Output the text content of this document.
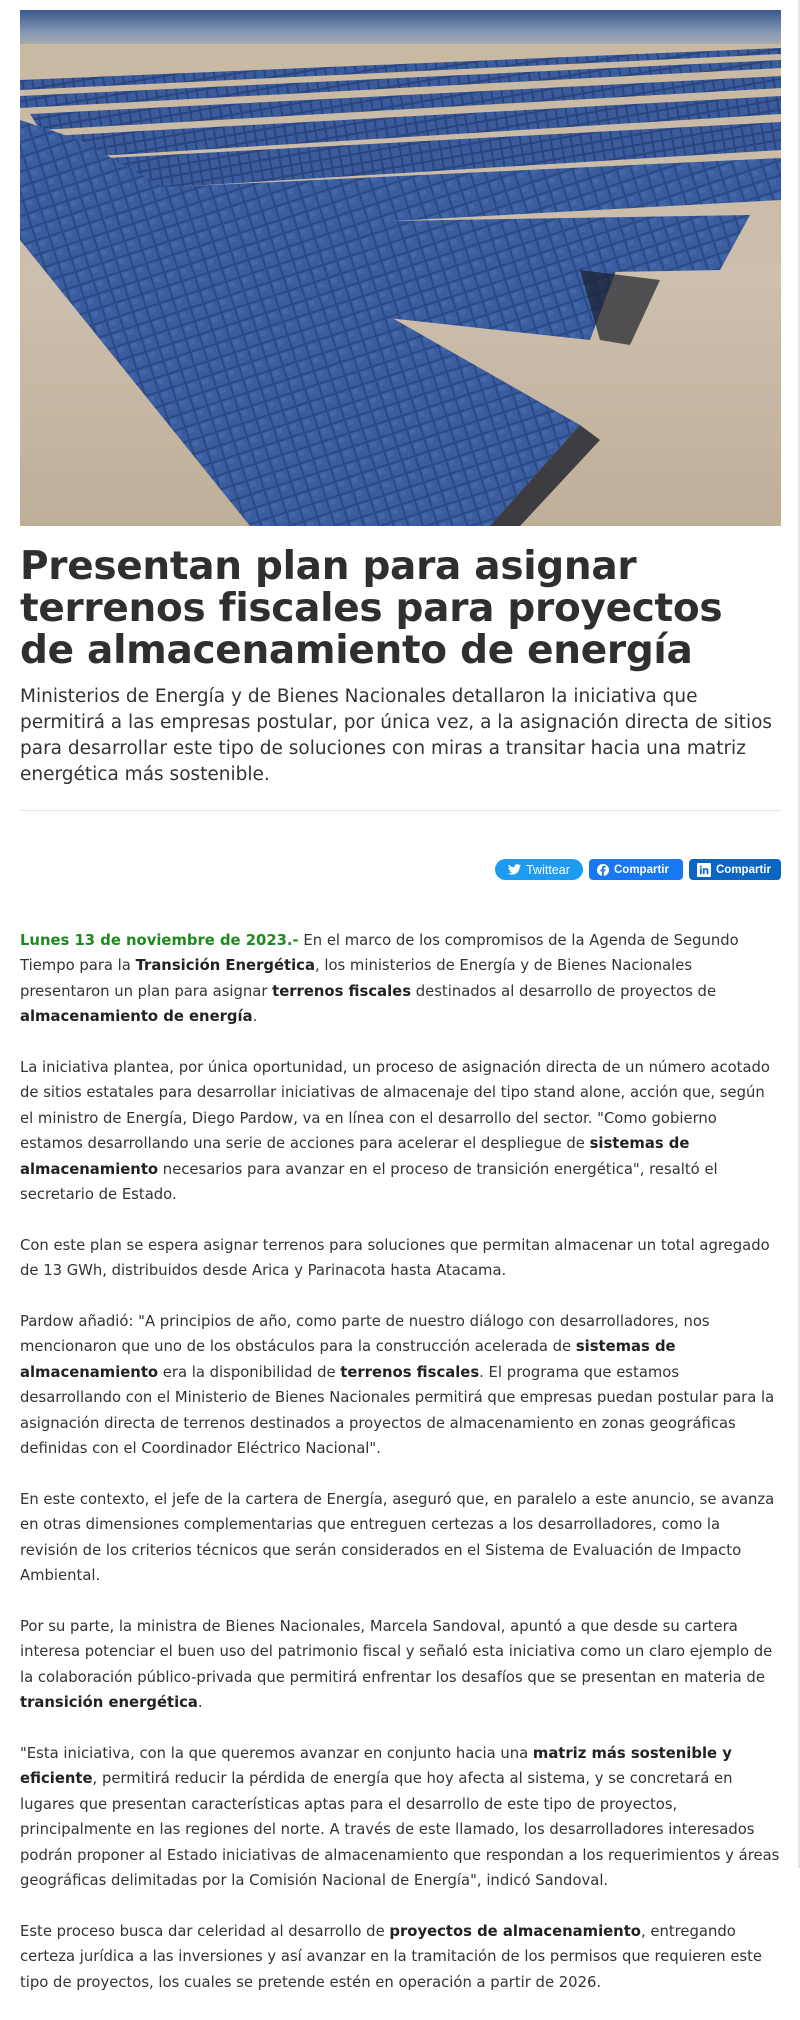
Presentan plan para asignar terrenos fiscales para proyectos de almacenamiento de energía

Ministerios de Energía y de Bienes Nacionales detallaron la iniciativa que permitirá a las empresas postular, por única vez, a la asignación directa de sitios para desarrollar este tipo de soluciones con miras a transitar hacia una matriz energética más sostenible.

Twittear	Compartir	Compartir

Lunes 13 de noviembre de 2023.- En el marco de los compromisos de la Agenda de Segundo Tiempo para la Transición Energética, los ministerios de Energía y de Bienes Nacionales presentaron un plan para asignar terrenos fiscales destinados al desarrollo de proyectos de almacenamiento de energía.

La iniciativa plantea, por única oportunidad, un proceso de asignación directa de un número acotado de sitios estatales para desarrollar iniciativas de almacenaje del tipo stand alone, acción que, según el ministro de Energía, Diego Pardow, va en línea con el desarrollo del sector. "Como gobierno estamos desarrollando una serie de acciones para acelerar el despliegue de sistemas de almacenamiento necesarios para avanzar en el proceso de transición energética", resaltó el secretario de Estado.

Con este plan se espera asignar terrenos para soluciones que permitan almacenar un total agregado de 13 GWh, distribuidos desde Arica y Parinacota hasta Atacama.

Pardow añadió: "A principios de año, como parte de nuestro diálogo con desarrolladores, nos mencionaron que uno de los obstáculos para la construcción acelerada de sistemas de almacenamiento era la disponibilidad de terrenos fiscales. El programa que estamos desarrollando con el Ministerio de Bienes Nacionales permitirá que empresas puedan postular para la asignación directa de terrenos destinados a proyectos de almacenamiento en zonas geográficas definidas con el Coordinador Eléctrico Nacional".

En este contexto, el jefe de la cartera de Energía, aseguró que, en paralelo a este anuncio, se avanza en otras dimensiones complementarias que entreguen certezas a los desarrolladores, como la revisión de los criterios técnicos que serán considerados en el Sistema de Evaluación de Impacto Ambiental.

Por su parte, la ministra de Bienes Nacionales, Marcela Sandoval, apuntó a que desde su cartera interesa potenciar el buen uso del patrimonio fiscal y señaló esta iniciativa como un claro ejemplo de la colaboración público-privada que permitirá enfrentar los desafíos que se presentan en materia de transición energética.

"Esta iniciativa, con la que queremos avanzar en conjunto hacia una matriz más sostenible y eficiente, permitirá reducir la pérdida de energía que hoy afecta al sistema, y se concretará en lugares que presentan características aptas para el desarrollo de este tipo de proyectos, principalmente en las regiones del norte. A través de este llamado, los desarrolladores interesados podrán proponer al Estado iniciativas de almacenamiento que respondan a los requerimientos y áreas geográficas delimitadas por la Comisión Nacional de Energía", indicó Sandoval.

Este proceso busca dar celeridad al desarrollo de proyectos de almacenamiento, entregando certeza jurídica a las inversiones y así avanzar en la tramitación de los permisos que requieren este tipo de proyectos, los cuales se pretende estén en operación a partir de 2026.
